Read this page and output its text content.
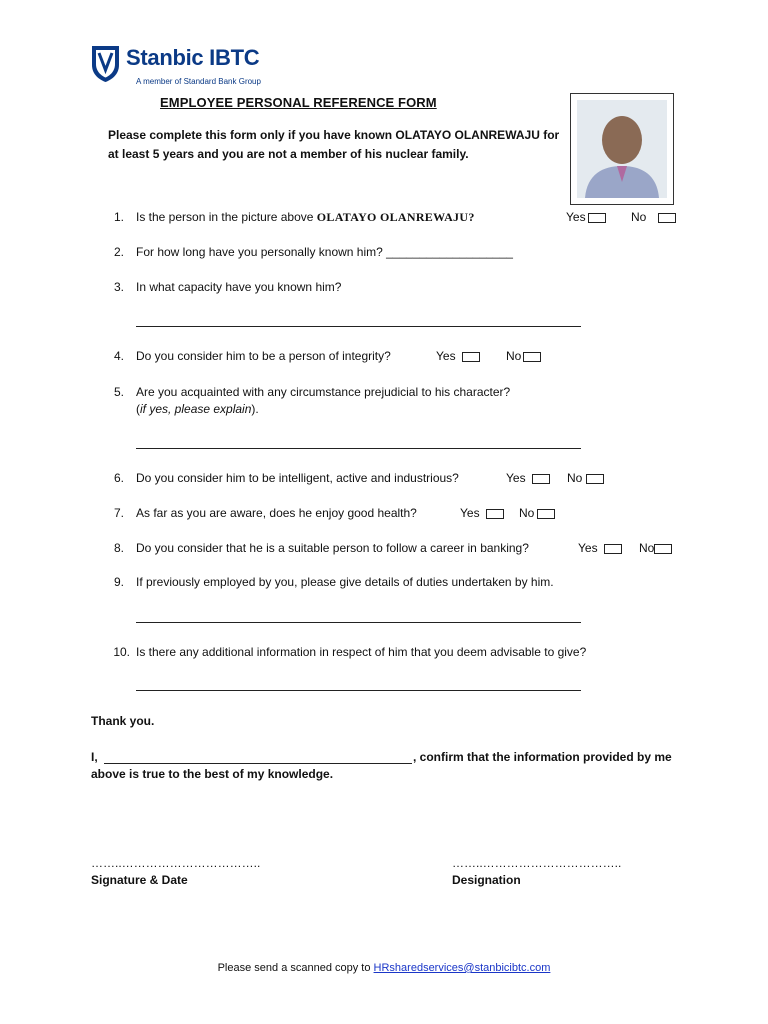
Stanbic IBTC
A member of Standard Bank Group
EMPLOYEE PERSONAL REFERENCE FORM
Please complete this form only if you have known OLATAYO OLANREWAJU for at least 5 years and you are not a member of his nuclear family.
1. Is the person in the picture above OLATAYO OLANREWAJU?	Yes	No
2. For how long have you personally known him? ___________________
3. In what capacity have you known him?
4. Do you consider him to be a person of integrity?	Yes	No
5. Are you acquainted with any circumstance prejudicial to his character?
(if yes, please explain).
6. Do you consider him to be intelligent, active and industrious?	Yes	No
7. As far as you are aware, does he enjoy good health?	Yes	No
8. Do you consider that he is a suitable person to follow a career in banking?	Yes	No
9. If previously employed by you, please give details of duties undertaken by him.
10. Is there any additional information in respect of him that you deem advisable to give?
Thank you.
I,	, confirm that the information provided by me
above is true to the best of my knowledge.
……..……………………………..
Signature & Date
……..……………………………..
Designation
Please send a scanned copy to HRsharedservices@stanbicibtc.com
